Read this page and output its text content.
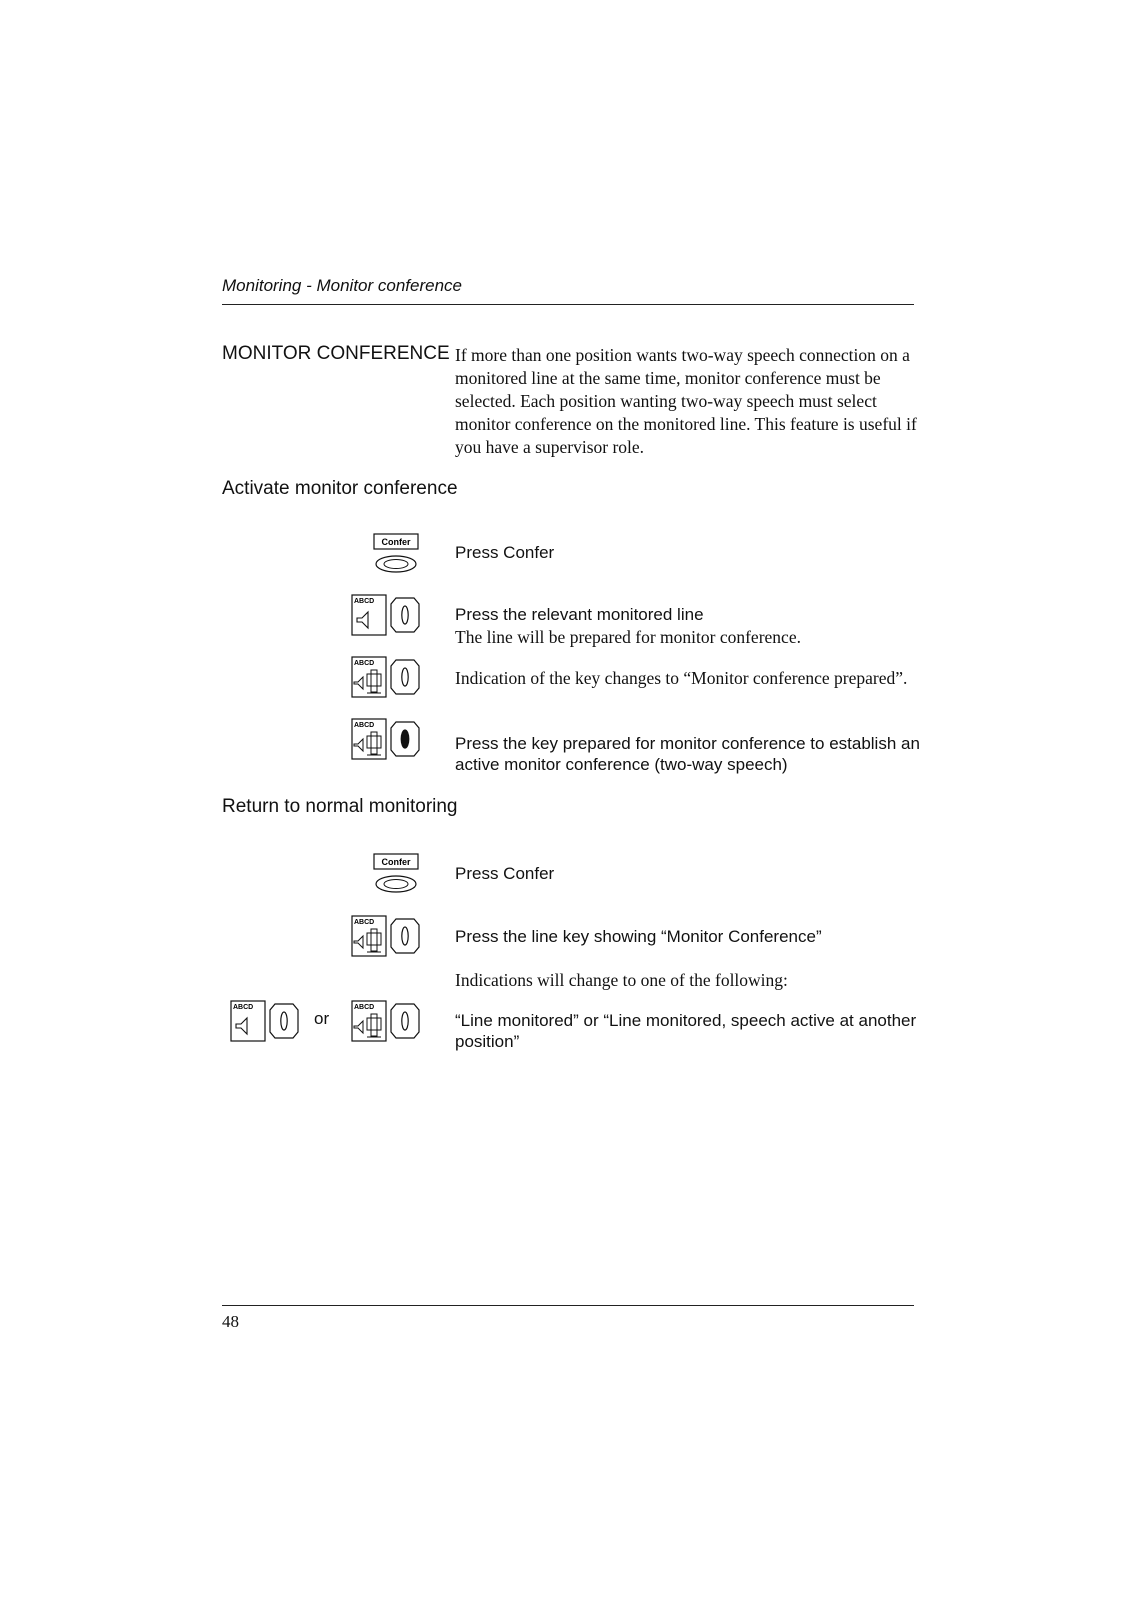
Monitoring - Monitor conference
MONITOR CONFERENCE If more than one position wants two-way speech connection on a monitored line at the same time, monitor conference must be selected. Each position wanting two-way speech must select monitor conference on the monitored line. This feature is useful if you have a supervisor role.
Activate monitor conference
Confer
Press Confer
ABCD
Press the relevant monitored line
The line will be prepared for monitor conference.
ABCD
Indication of the key changes to “Monitor conference prepared”.
ABCD
Press the key prepared for monitor conference to establish an active monitor conference (two-way speech)
Return to normal monitoring
Confer
Press Confer
ABCD
Press the line key showing “Monitor Conference”
Indications will change to one of the following:
ABCD
or
ABCD
“Line monitored” or “Line monitored, speech active at another position”
48
